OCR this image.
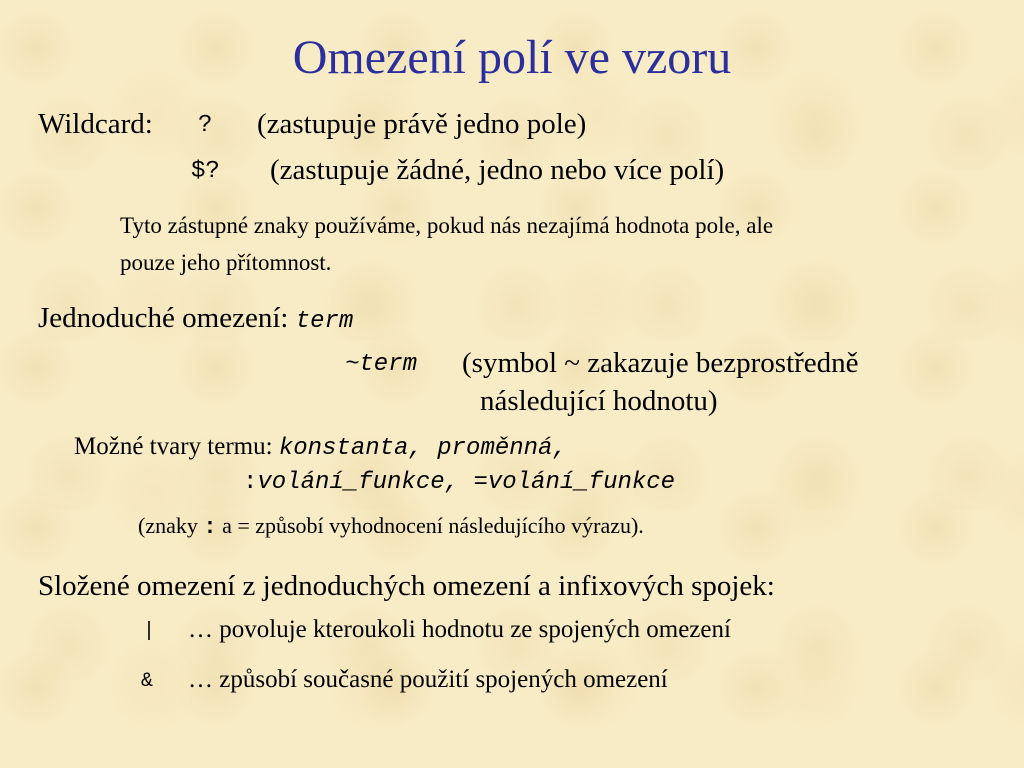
Omezení polí ve vzoru
Wildcard: ? (zastupuje právě jedno pole)
$? (zastupuje žádné, jedno nebo více polí)
Tyto zástupné znaky používáme, pokud nás nezajímá hodnota pole, ale
pouze jeho přítomnost.
Jednoduché omezení: term
~term (symbol ~ zakazuje bezprostředně
následující hodnotu)
Možné tvary termu: konstanta, proměnná,
:volání_funkce, =volání_funkce
(znaky : a = způsobí vyhodnocení následujícího výrazu).
Složené omezení z jednoduchých omezení a infixových spojek:
| … povoluje kteroukoli hodnotu ze spojených omezení
& … způsobí současné použití spojených omezení
